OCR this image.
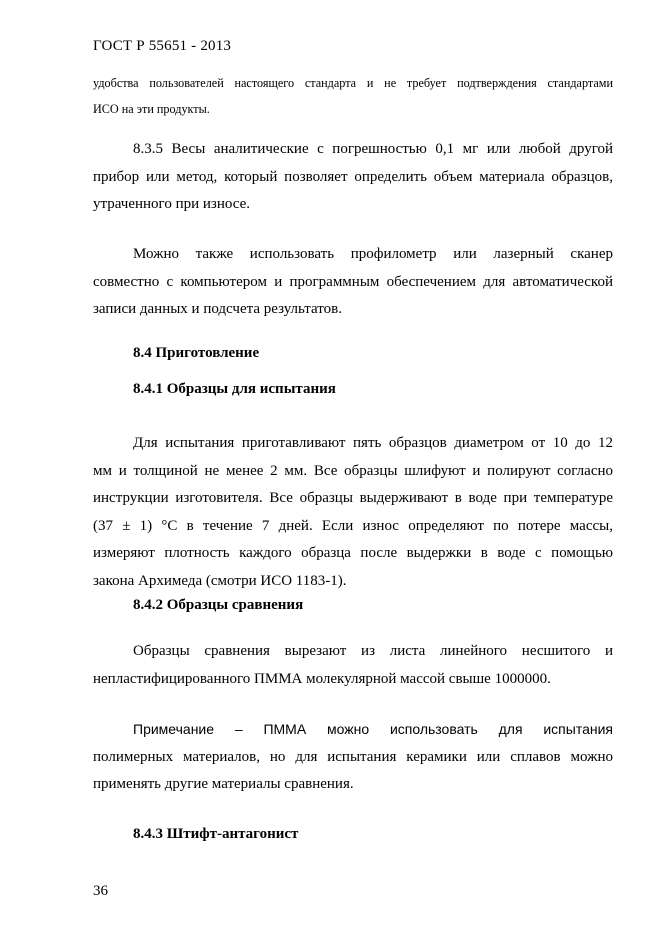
ГОСТ Р 55651 - 2013
удобства пользователей настоящего стандарта и не требует подтверждения стандартами
ИСО на эти продукты.
8.3.5 Весы аналитические с погрешностью 0,1 мг или любой другой
прибор или метод, который позволяет определить объем материала образцов,
утраченного при износе.
Можно также использовать профилометр или лазерный сканер
совместно с компьютером и программным обеспечением для автоматической
записи данных и подсчета результатов.
8.4 Приготовление
8.4.1 Образцы для испытания
Для испытания приготавливают пять образцов диаметром от 10 до 12
мм и толщиной не менее 2 мм. Все образцы шлифуют и полируют согласно
инструкции изготовителя. Все образцы выдерживают в воде при температуре
(37 ± 1) °С в течение 7 дней. Если износ определяют по потере массы,
измеряют плотность каждого образца после выдержки в воде с помощью
закона Архимеда (смотри ИСО 1183-1).
8.4.2 Образцы сравнения
Образцы сравнения вырезают из листа линейного несшитого и
непластифицированного ПММА молекулярной массой свыше 1000000.
Примечание – ПММА можно использовать для испытания
полимерных материалов, но для испытания керамики или сплавов можно
применять другие материалы сравнения.
8.4.3 Штифт-антагонист
36
